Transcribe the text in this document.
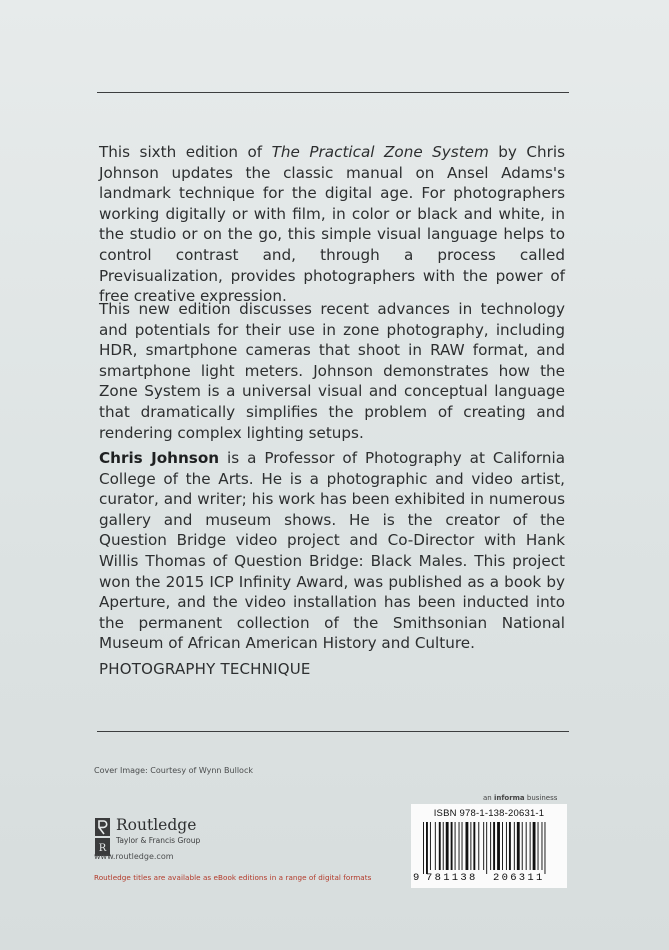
This sixth edition of The Practical Zone System by Chris Johnson updates the classic manual on Ansel Adams's landmark technique for the digital age. For photographers working digitally or with film, in color or black and white, in the studio or on the go, this simple visual language helps to control contrast and, through a process called Previsualization, provides photographers with the power of free creative expression.

This new edition discusses recent advances in technology and potentials for their use in zone photography, including HDR, smartphone cameras that shoot in RAW format, and smartphone light meters. Johnson demonstrates how the Zone System is a universal visual and conceptual language that dramatically simplifies the problem of creating and rendering complex lighting setups.

Chris Johnson is a Professor of Photography at California College of the Arts. He is a photographic and video artist, curator, and writer; his work has been exhibited in numerous gallery and museum shows. He is the creator of the Question Bridge video project and Co-Director with Hank Willis Thomas of Question Bridge: Black Males. This project won the 2015 ICP Infinity Award, was published as a book by Aperture, and the video installation has been inducted into the permanent collection of the Smithsonian National Museum of African American History and Culture.

PHOTOGRAPHY TECHNIQUE
Cover Image: Courtesy of Wynn Bullock
an informa business
R
Routledge
Taylor & Francis Group
www.routledge.com
Routledge titles are available as eBook editions in a range of digital formats
ISBN 978-1-138-20631-1
9 781138 206311
